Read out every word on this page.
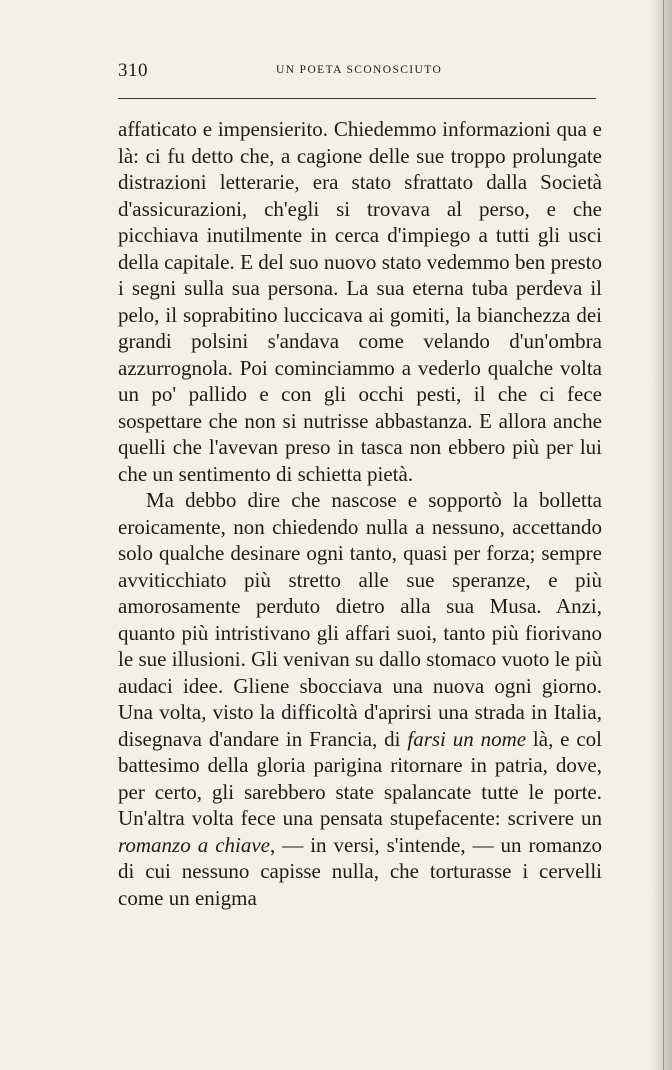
310	UN POETA SCONOSCIUTO

affaticato e impensierito. Chiedemmo informazioni qua e là: ci fu detto che, a cagione delle sue troppo prolungate distrazioni letterarie, era stato sfrattato dalla Società d'assicurazioni, ch'egli si trovava al perso, e che picchiava inutilmente in cerca d'impiego a tutti gli usci della capitale. E del suo nuovo stato vedemmo ben presto i segni sulla sua persona. La sua eterna tuba perdeva il pelo, il soprabitino luccicava ai gomiti, la bianchezza dei grandi polsini s'andava come velando d'un'ombra azzurrognola. Poi cominciammo a vederlo qualche volta un po' pallido e con gli occhi pesti, il che ci fece sospettare che non si nutrisse abbastanza. E allora anche quelli che l'avevan preso in tasca non ebbero più per lui che un sentimento di schietta pietà.

Ma debbo dire che nascose e sopportò la bolletta eroicamente, non chiedendo nulla a nessuno, accettando solo qualche desinare ogni tanto, quasi per forza; sempre avviticchiato più stretto alle sue speranze, e più amorosamente perduto dietro alla sua Musa. Anzi, quanto più intristivano gli affari suoi, tanto più fiorivano le sue illusioni. Gli venivan su dallo stomaco vuoto le più audaci idee. Gliene sbocciava una nuova ogni giorno. Una volta, visto la difficoltà d'aprirsi una strada in Italia, disegnava d'andare in Francia, di farsi un nome là, e col battesimo della gloria parigina ritornare in patria, dove, per certo, gli sarebbero state spalancate tutte le porte. Un'altra volta fece una pensata stupefacente: scrivere un romanzo a chiave, — in versi, s'intende, — un romanzo di cui nessuno capisse nulla, che torturasse i cervelli come un enigma
